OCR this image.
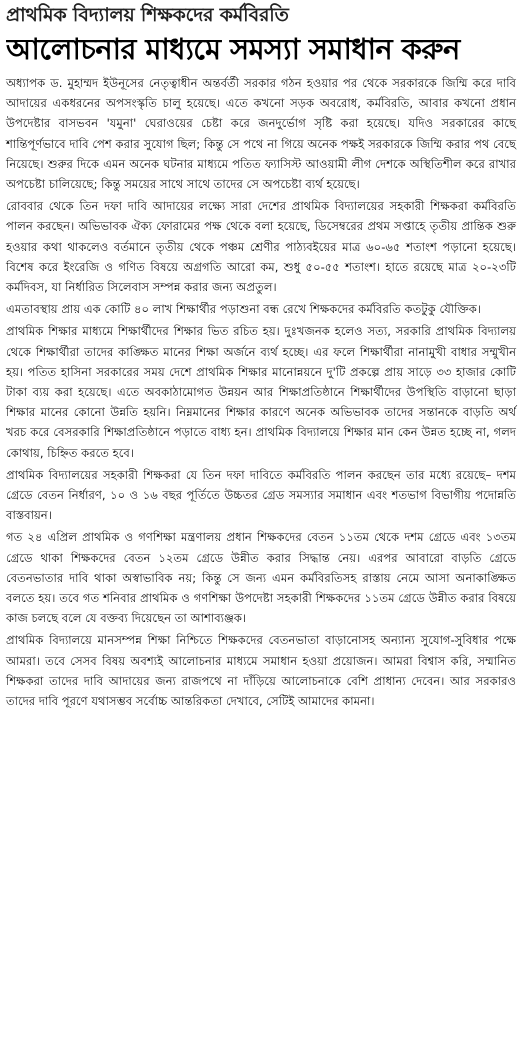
প্রাথমিক বিদ্যালয় শিক্ষকদের কর্মবিরতি
আলোচনার মাধ্যমে সমস্যা সমাধান করুন

অধ্যাপক ড. মুহাম্মদ ইউনূসের নেতৃত্বাধীন অন্তর্বর্তী সরকার গঠন হওয়ার পর থেকে সরকারকে জিম্মি করে দাবি আদায়ের একধরনের অপসংস্কৃতি চালু হয়েছে। এতে কখনো সড়ক অবরোধ, কর্মবিরতি, আবার কখনো প্রধান উপদেষ্টার বাসভবন 'যমুনা' ঘেরাওয়ের চেষ্টা করে জনদুর্ভোগ সৃষ্টি করা হয়েছে। যদিও সরকারের কাছে শান্তিপূর্ণভাবে দাবি পেশ করার সুযোগ ছিল; কিন্তু সে পথে না গিয়ে অনেক পক্ষই সরকারকে জিম্মি করার পথ বেছে নিয়েছে। শুরুর দিকে এমন অনেক ঘটনার মাধ্যমে পতিত ফ্যাসিস্ট আওয়ামী লীগ দেশকে অস্থিতিশীল করে রাখার অপচেষ্টা চালিয়েছে; কিন্তু সময়ের সাথে সাথে তাদের সে অপচেষ্টা ব্যর্থ হয়েছে।

রোববার থেকে তিন দফা দাবি আদায়ের লক্ষ্যে সারা দেশের প্রাথমিক বিদ্যালয়ের সহকারী শিক্ষকরা কর্মবিরতি পালন করছেন। অভিভাবক ঐক্য ফোরামের পক্ষ থেকে বলা হয়েছে, ডিসেম্বরের প্রথম সপ্তাহে তৃতীয় প্রান্তিক শুরু হওয়ার কথা থাকলেও বর্তমানে তৃতীয় থেকে পঞ্চম শ্রেণীর পাঠ্যবইয়ের মাত্র ৬০-৬৫ শতাংশ পড়ানো হয়েছে। বিশেষ করে ইংরেজি ও গণিত বিষয়ে অগ্রগতি আরো কম, শুধু ৫০-৫৫ শতাংশ। হাতে রয়েছে মাত্র ২০-২৩টি কর্মদিবস, যা নির্ধারিত সিলেবাস সম্পন্ন করার জন্য অপ্রতুল।

এমতাবস্থায় প্রায় এক কোটি ৪০ লাখ শিক্ষার্থীর পড়াশুনা বন্ধ রেখে শিক্ষকদের কর্মবিরতি কতটুকু যৌক্তিক।

প্রাথমিক শিক্ষার মাধ্যমে শিক্ষার্থীদের শিক্ষার ভিত রচিত হয়। দুঃখজনক হলেও সত্য, সরকারি প্রাথমিক বিদ্যালয় থেকে শিক্ষার্থীরা তাদের কাঙ্ক্ষিত মানের শিক্ষা অর্জনে ব্যর্থ হচ্ছে। এর ফলে শিক্ষার্থীরা নানামুখী বাধার সম্মুখীন হয়। পতিত হাসিনা সরকারের সময় দেশে প্রাথমিক শিক্ষার মানোন্নয়নে দু'টি প্রকল্পে প্রায় সাড়ে ৩৩ হাজার কোটি টাকা ব্যয় করা হয়েছে। এতে অবকাঠামোগত উন্নয়ন আর শিক্ষাপ্রতিষ্ঠানে শিক্ষার্থীদের উপস্থিতি বাড়ানো ছাড়া শিক্ষার মানের কোনো উন্নতি হয়নি। নিম্নমানের শিক্ষার কারণে অনেক অভিভাবক তাদের সন্তানকে বাড়তি অর্থ খরচ করে বেসরকারি শিক্ষাপ্রতিষ্ঠানে পড়াতে বাধ্য হন। প্রাথমিক বিদ্যালয়ে শিক্ষার মান কেন উন্নত হচ্ছে না, গলদ কোথায়, চিহ্নিত করতে হবে।

প্রাথমিক বিদ্যালয়ের সহকারী শিক্ষকরা যে তিন দফা দাবিতে কর্মবিরতি পালন করছেন তার মধ্যে রয়েছে– দশম গ্রেডে বেতন নির্ধারণ, ১০ ও ১৬ বছর পূর্তিতে উচ্চতর গ্রেড সমস্যার সমাধান এবং শতভাগ বিভাগীয় পদোন্নতি বাস্তবায়ন।

গত ২৪ এপ্রিল প্রাথমিক ও গণশিক্ষা মন্ত্রণালয় প্রধান শিক্ষকদের বেতন ১১তম থেকে দশম গ্রেডে এবং ১৩তম গ্রেডে থাকা শিক্ষকদের বেতন ১২তম গ্রেডে উন্নীত করার সিদ্ধান্ত নেয়। এরপর আবারো বাড়তি গ্রেডে বেতনভাতার দাবি থাকা অস্বাভাবিক নয়; কিন্তু সে জন্য এমন কর্মবিরতিসহ রাস্তায় নেমে আসা অনাকাঙ্ক্ষিত বলতে হয়। তবে গত শনিবার প্রাথমিক ও গণশিক্ষা উপদেষ্টা সহকারী শিক্ষকদের ১১তম গ্রেডে উন্নীত করার বিষয়ে কাজ চলছে বলে যে বক্তব্য দিয়েছেন তা আশাব্যঞ্জক।

প্রাথমিক বিদ্যালয়ে মানসম্পন্ন শিক্ষা নিশ্চিতে শিক্ষকদের বেতনভাতা বাড়ানোসহ অন্যান্য সুযোগ-সুবিধার পক্ষে আমরা। তবে সেসব বিষয় অবশ্যই আলোচনার মাধ্যমে সমাধান হওয়া প্রয়োজন। আমরা বিশ্বাস করি, সম্মানিত শিক্ষকরা তাদের দাবি আদায়ের জন্য রাজপথে না দাঁড়িয়ে আলোচনাকে বেশি প্রাধান্য দেবেন। আর সরকারও তাদের দাবি পূরণে যথাসম্ভব সর্বোচ্চ আন্তরিকতা দেখাবে, সেটিই আমাদের কামনা।
